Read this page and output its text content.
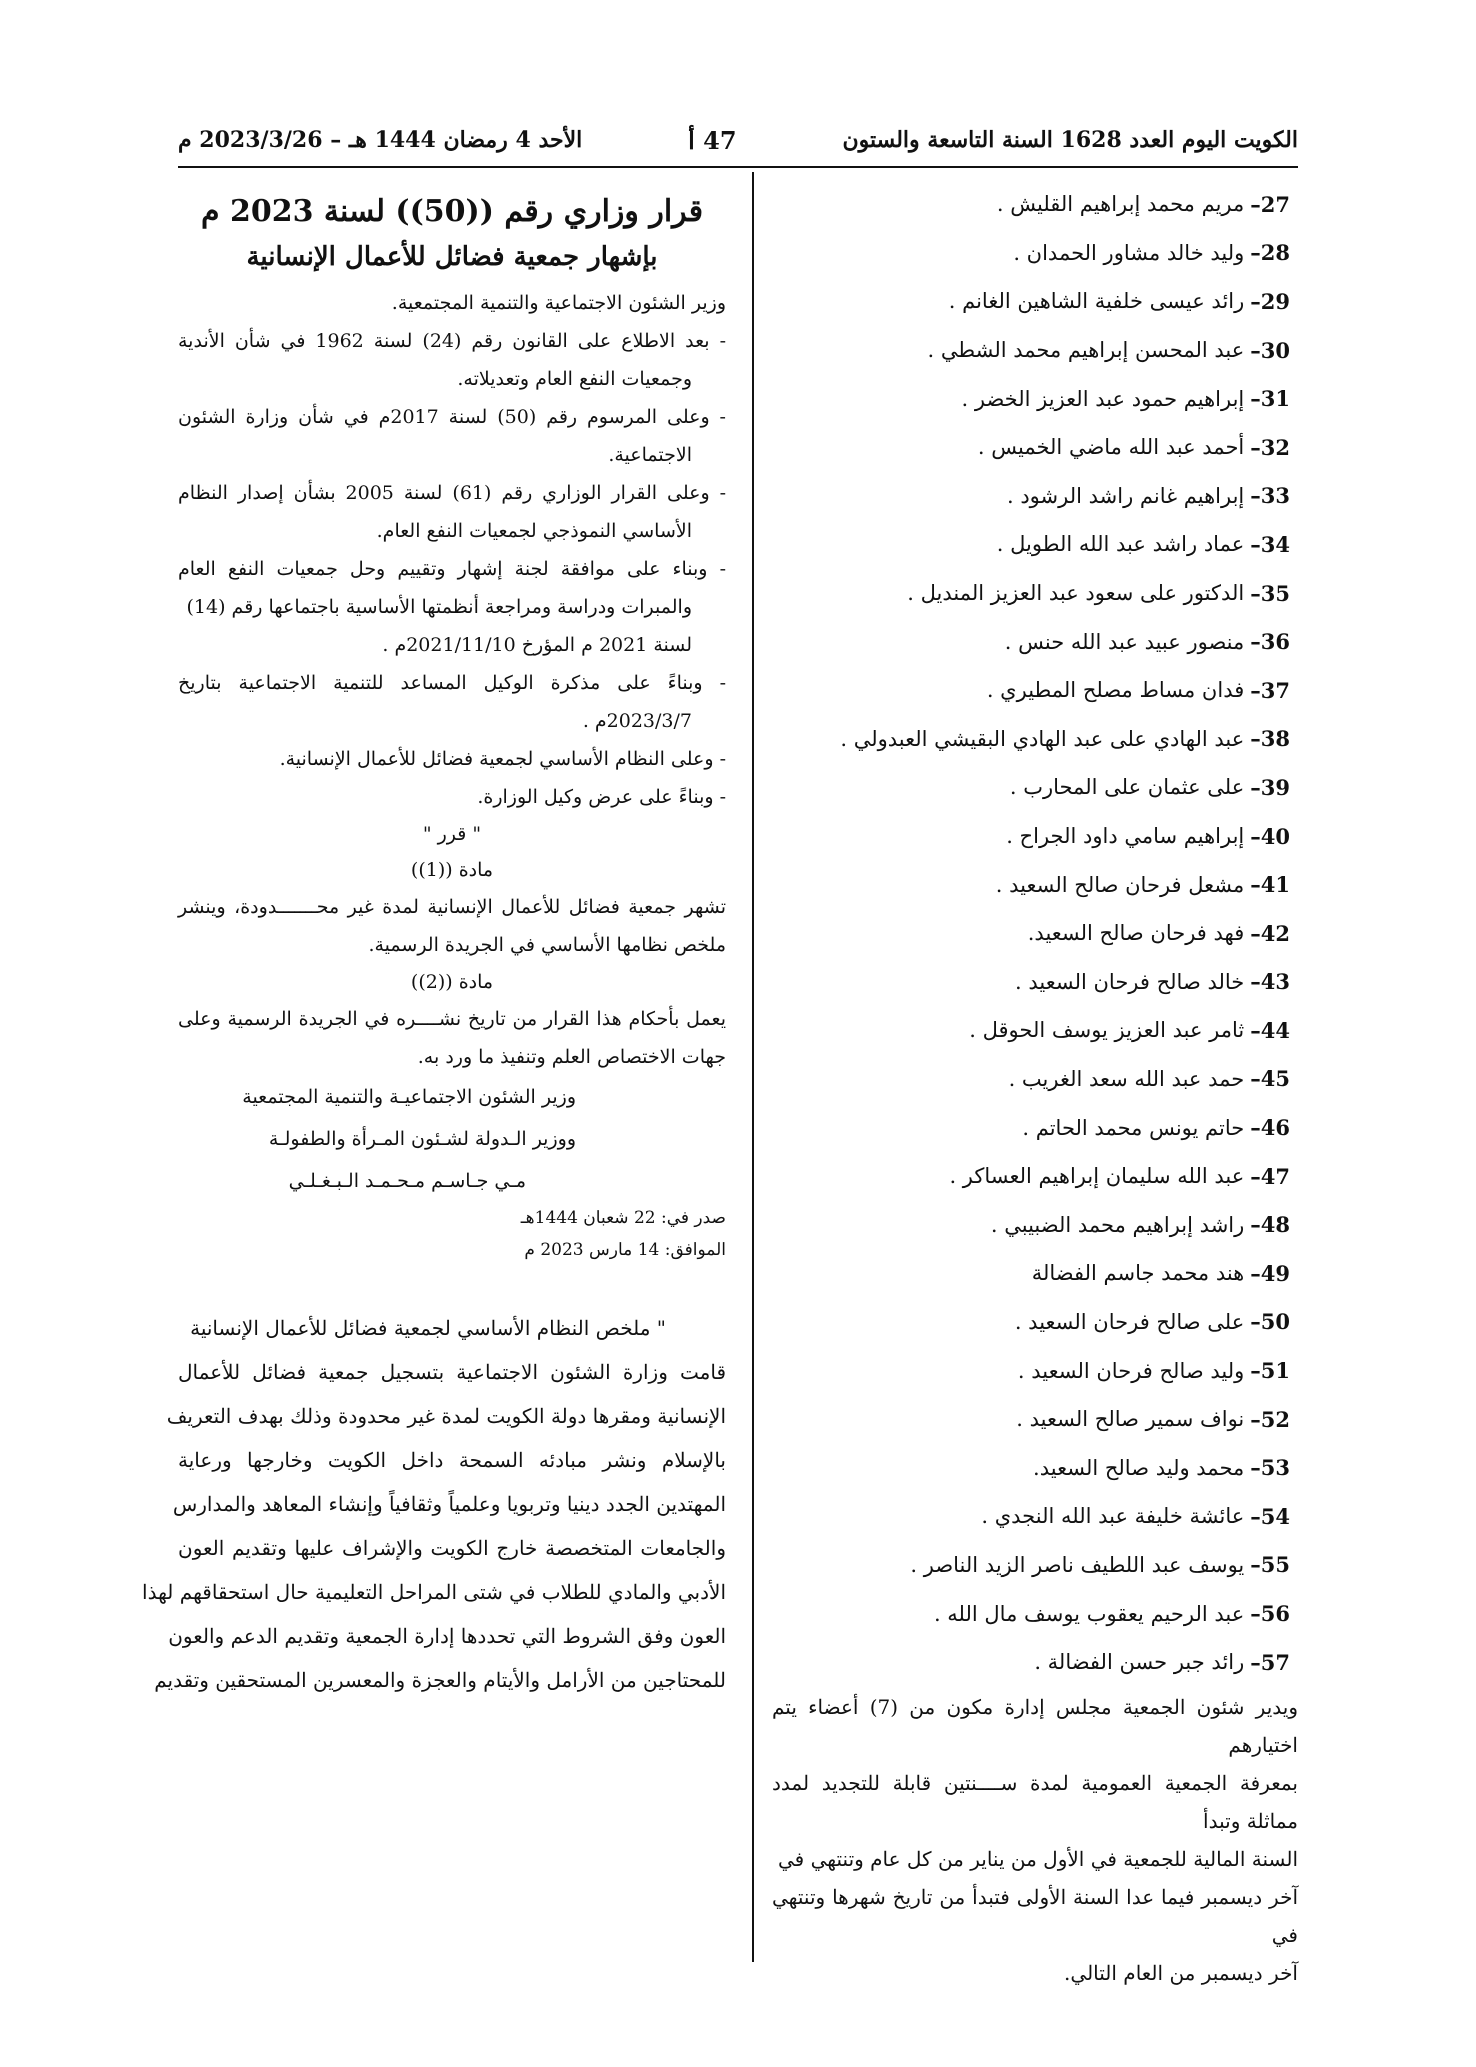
الكويت اليوم العدد 1628 السنة التاسعة والستون
47 أ
الأحد 4 رمضان 1444 هـ – 2023/3/26 م
27–
مريم محمد إبراهيم القليش .
28–
وليد خالد مشاور الحمدان .
29–
رائد عيسى خلفية الشاهين الغانم .
30–
عبد المحسن إبراهيم محمد الشطي .
31–
إبراهيم حمود عبد العزيز الخضر .
32–
أحمد عبد الله ماضي الخميس .
33–
إبراهيم غانم راشد الرشود .
34–
عماد راشد عبد الله الطويل .
35–
الدكتور على سعود عبد العزيز المنديل .
36–
منصور عبيد عبد الله حنس .
37–
فدان مساط مصلح المطيري .
38–
عبد الهادي على عبد الهادي البقيشي العبدولي .
39–
على عثمان على المحارب .
40–
إبراهيم سامي داود الجراح .
41–
مشعل فرحان صالح السعيد .
42–
فهد فرحان صالح السعيد.
43–
خالد صالح فرحان السعيد .
44–
ثامر عبد العزيز يوسف الحوقل .
45–
حمد عبد الله سعد الغريب .
46–
حاتم يونس محمد الحاتم .
47–
عبد الله سليمان إبراهيم العساكر .
48–
راشد إبراهيم محمد الضبيبي .
49–
هند محمد جاسم الفضالة
50–
على صالح فرحان السعيد .
51–
وليد صالح فرحان السعيد .
52–
نواف سمير صالح السعيد .
53–
محمد وليد صالح السعيد.
54–
عائشة خليفة عبد الله النجدي .
55–
يوسف عبد اللطيف ناصر الزيد الناصر .
56–
عبد الرحيم يعقوب يوسف مال الله .
57–
رائد جبر حسن الفضالة .
ويدير شئون الجمعية مجلس إدارة مكون من (7) أعضاء يتم اختيارهم
بمعرفة الجمعية العمومية لمدة ســــنتين قابلة للتجديد لمدد مماثلة وتبدأ
السنة المالية للجمعية في الأول من يناير من كل عام وتنتهي في
آخر ديسمبر فيما عدا السنة الأولى فتبدأ من تاريخ شهرها وتنتهي في
آخر ديسمبر من العام التالي.
قرار وزاري رقم ((50)) لسنة 2023 م
بإشهار جمعية فضائل للأعمال الإنسانية
وزير الشئون الاجتماعية والتنمية المجتمعية.
- بعد الاطلاع على القانون رقم (24) لسنة 1962 في شأن الأندية
وجمعيات النفع العام وتعديلاته.
- وعلى المرسوم رقم (50) لسنة 2017م في شأن وزارة الشئون
الاجتماعية.
- وعلى القرار الوزاري رقم (61) لسنة 2005 بشأن إصدار النظام
الأساسي النموذجي لجمعيات النفع العام.
- وبناء على موافقة لجنة إشهار وتقييم وحل جمعيات النفع العام
والمبرات ودراسة ومراجعة أنظمتها الأساسية باجتماعها رقم (14)
لسنة 2021 م المؤرخ 2021/11/10م .
- وبناءً على مذكرة الوكيل المساعد للتنمية الاجتماعية بتاريخ
2023/3/7م .
- وعلى النظام الأساسي لجمعية فضائل للأعمال الإنسانية.
- وبناءً على عرض وكيل الوزارة.
" قرر "
مادة ((1))
تشهر جمعية فضائل للأعمال الإنسانية لمدة غير محـــــــدودة، وينشر
ملخص نظامها الأساسي في الجريدة الرسمية.
مادة ((2))
يعمل بأحكام هذا القرار من تاريخ نشــــره في الجريدة الرسمية وعلى
جهات الاختصاص العلم وتنفيذ ما ورد به.
وزير الشئون الاجتماعيـة والتنمية المجتمعية
ووزير الـدولة لشـئون المـرأة والطفولـة
مـي جـاسـم مـحـمـد الـبـغـلـي
صدر في: 22 شعبان 1444هـ
الموافق: 14 مارس 2023 م
" ملخص النظام الأساسي لجمعية فضائل للأعمال الإنسانية
قامت وزارة الشئون الاجتماعية بتسجيل جمعية فضائل للأعمال
الإنسانية ومقرها دولة الكويت لمدة غير محدودة وذلك بهدف التعريف
بالإسلام ونشر مبادئه السمحة داخل الكويت وخارجها ورعاية
المهتدين الجدد دينيا وتربويا وعلمياً وثقافياً وإنشاء المعاهد والمدارس
والجامعات المتخصصة خارج الكويت والإشراف عليها وتقديم العون
الأدبي والمادي للطلاب في شتى المراحل التعليمية حال استحقاقهم لهذا
العون وفق الشروط التي تحددها إدارة الجمعية وتقديم الدعم والعون
للمحتاجين من الأرامل والأيتام والعجزة والمعسرين المستحقين وتقديم
